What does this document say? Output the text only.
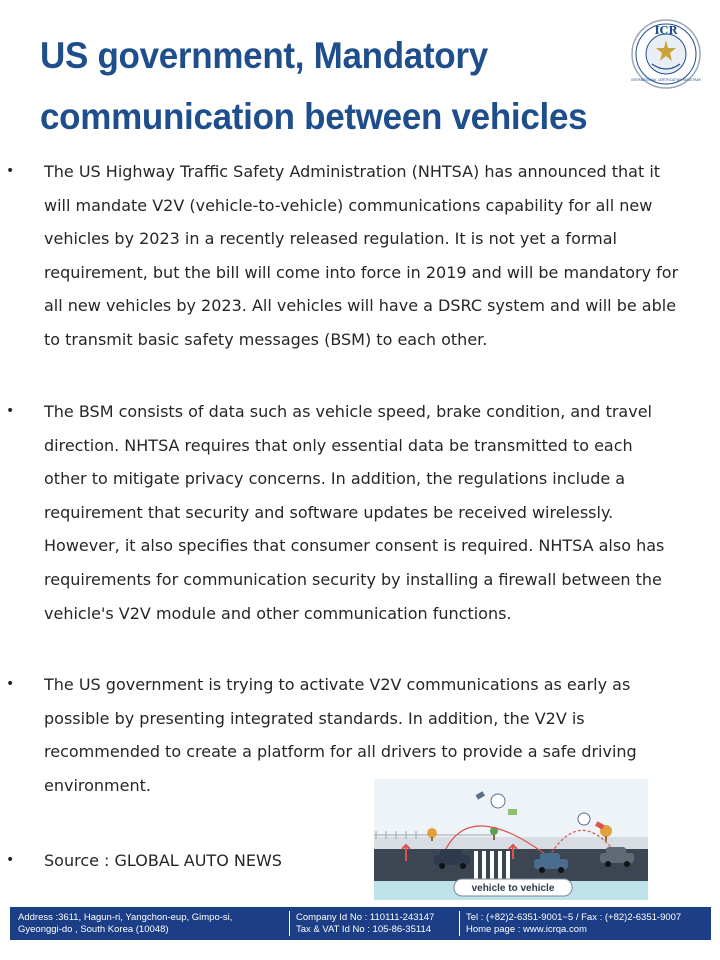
US government, Mandatory
communication between vehicles
ICR
INTERNATIONAL CERTIFICATION REGISTRAR
• The US Highway Traffic Safety Administration (NHTSA) has announced that it will mandate V2V (vehicle-to-vehicle) communications capability for all new vehicles by 2023 in a recently released regulation. It is not yet a formal requirement, but the bill will come into force in 2019 and will be mandatory for all new vehicles by 2023. All vehicles will have a DSRC system and will be able to transmit basic safety messages (BSM) to each other.
• The BSM consists of data such as vehicle speed, brake condition, and travel direction. NHTSA requires that only essential data be transmitted to each other to mitigate privacy concerns. In addition, the regulations include a requirement that security and software updates be received wirelessly. However, it also specifies that consumer consent is required. NHTSA also has requirements for communication security by installing a firewall between the vehicle's V2V module and other communication functions.
• The US government is trying to activate V2V communications as early as possible by presenting integrated standards. In addition, the V2V is recommended to create a platform for all drivers to provide a safe driving environment.
• Source : GLOBAL AUTO NEWS
vehicle to vehicle
Address :3611, Hagun-ri, Yangchon-eup, Gimpo-si,
Gyeonggi-do , South Korea (10048)
Company Id No : 110111-243147
Tax & VAT Id No : 105-86-35114
Tel : (+82)2-6351-9001~5 / Fax : (+82)2-6351-9007
Home page : www.icrqa.com
